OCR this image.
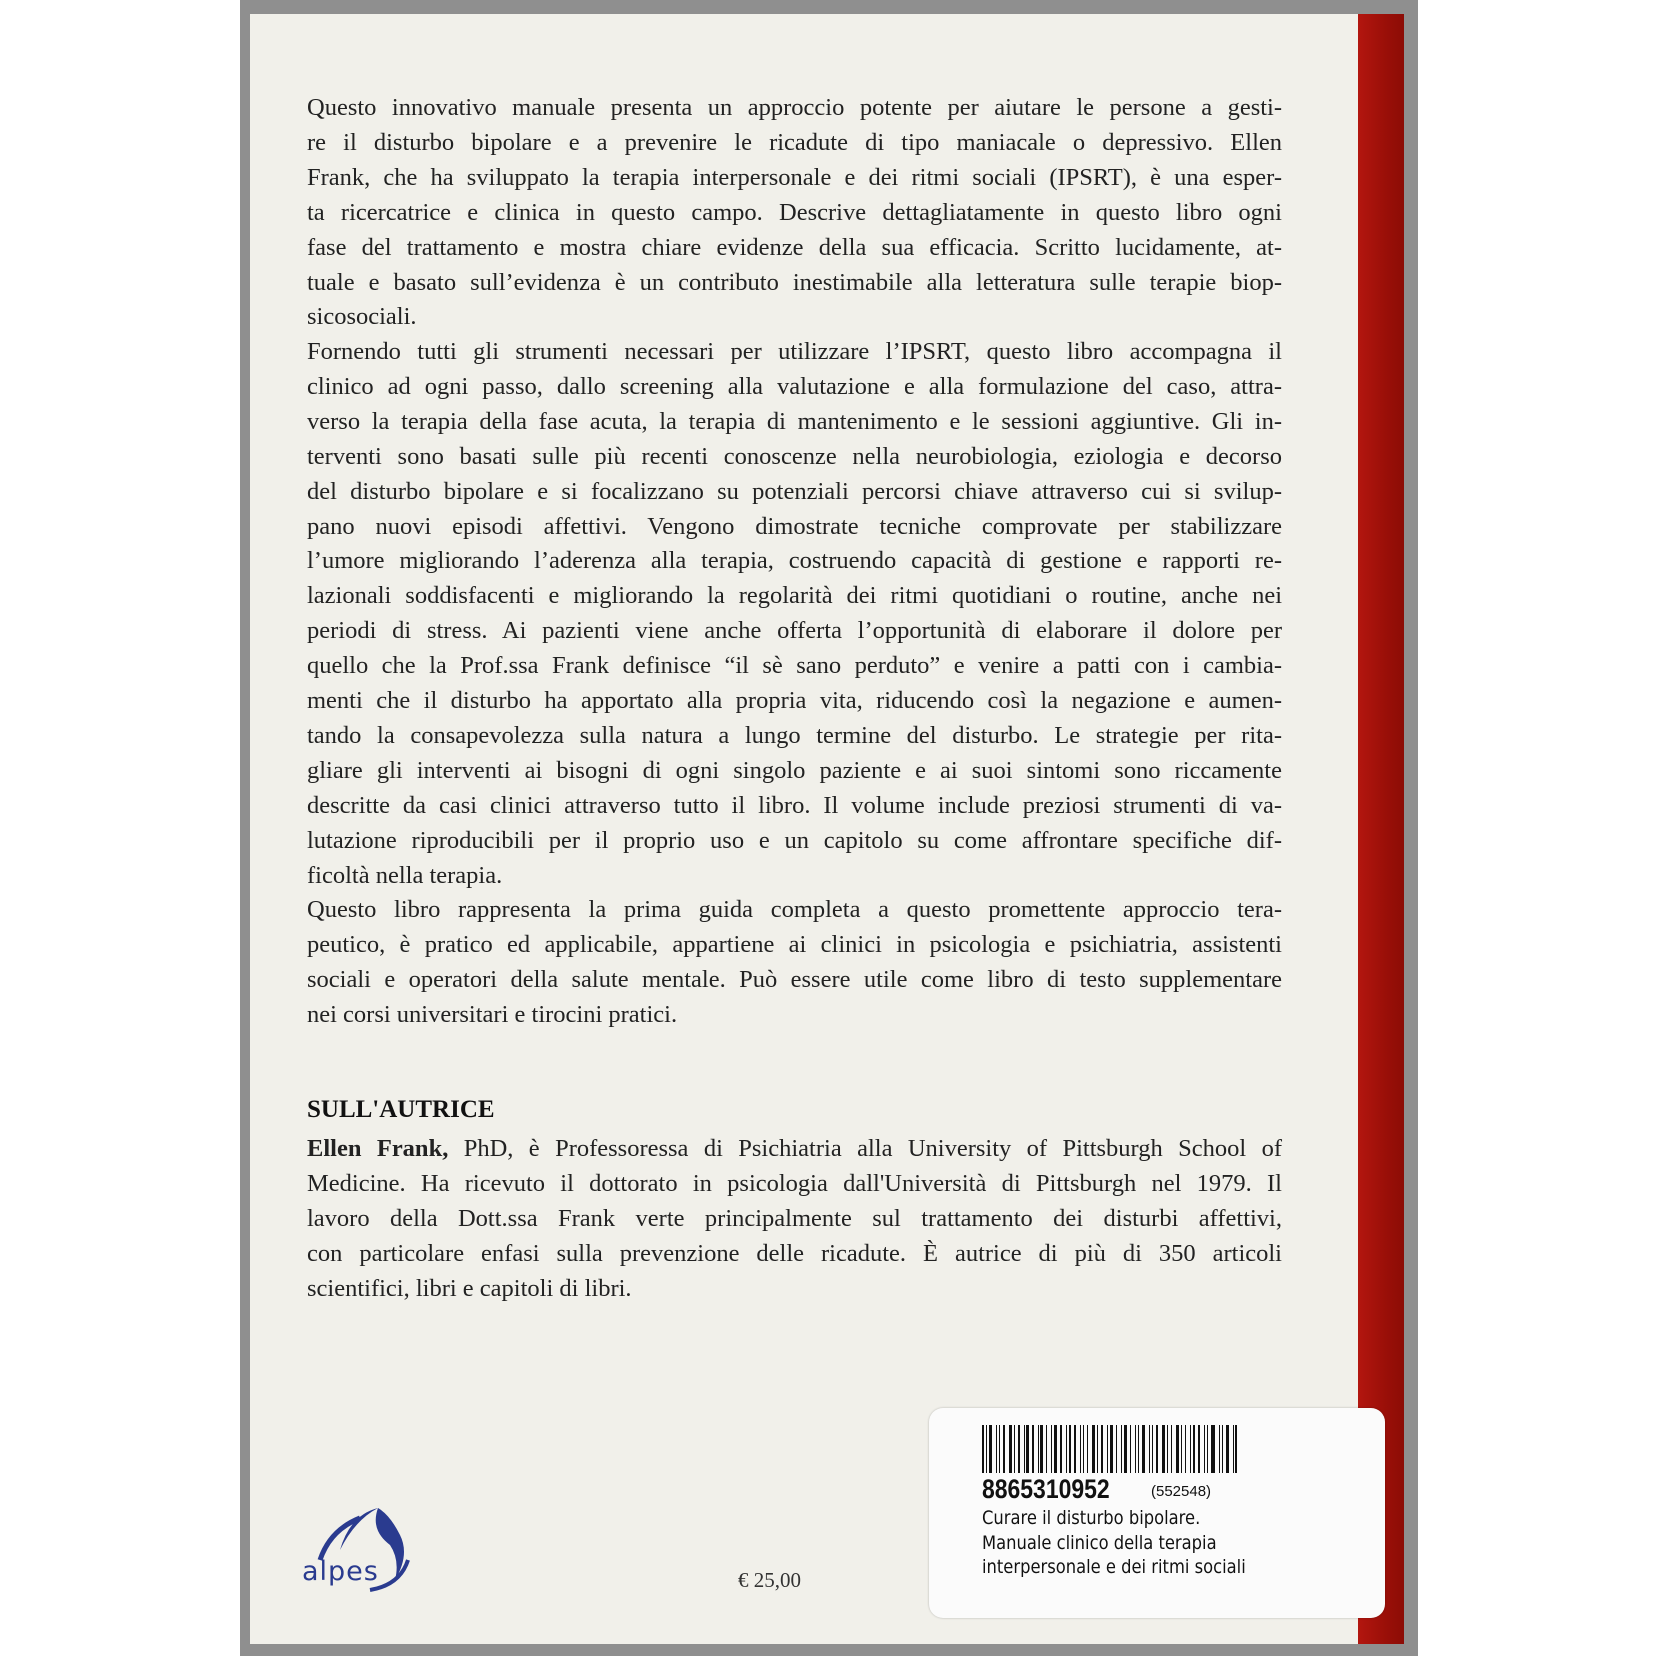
Questo innovativo manuale presenta un approccio potente per aiutare le persone a gesti-
re il disturbo bipolare e a prevenire le ricadute di tipo maniacale o depressivo. Ellen
Frank, che ha sviluppato la terapia interpersonale e dei ritmi sociali (IPSRT), è una esper-
ta ricercatrice e clinica in questo campo. Descrive dettagliatamente in questo libro ogni
fase del trattamento e mostra chiare evidenze della sua efficacia. Scritto lucidamente, at-
tuale e basato sull’evidenza è un contributo inestimabile alla letteratura sulle terapie biop-
sicosociali.
Fornendo tutti gli strumenti necessari per utilizzare l’IPSRT, questo libro accompagna il
clinico ad ogni passo, dallo screening alla valutazione e alla formulazione del caso, attra-
verso la terapia della fase acuta, la terapia di mantenimento e le sessioni aggiuntive. Gli in-
terventi sono basati sulle più recenti conoscenze nella neurobiologia, eziologia e decorso
del disturbo bipolare e si focalizzano su potenziali percorsi chiave attraverso cui si svilup-
pano nuovi episodi affettivi. Vengono dimostrate tecniche comprovate per stabilizzare
l’umore migliorando l’aderenza alla terapia, costruendo capacità di gestione e rapporti re-
lazionali soddisfacenti e migliorando la regolarità dei ritmi quotidiani o routine, anche nei
periodi di stress. Ai pazienti viene anche offerta l’opportunità di elaborare il dolore per
quello che la Prof.ssa Frank definisce “il sè sano perduto” e venire a patti con i cambia-
menti che il disturbo ha apportato alla propria vita, riducendo così la negazione e aumen-
tando la consapevolezza sulla natura a lungo termine del disturbo. Le strategie per rita-
gliare gli interventi ai bisogni di ogni singolo paziente e ai suoi sintomi sono riccamente
descritte da casi clinici attraverso tutto il libro. Il volume include preziosi strumenti di va-
lutazione riproducibili per il proprio uso e un capitolo su come affrontare specifiche dif-
ficoltà nella terapia.
Questo libro rappresenta la prima guida completa a questo promettente approccio tera-
peutico, è pratico ed applicabile, appartiene ai clinici in psicologia e psichiatria, assistenti
sociali e operatori della salute mentale. Può essere utile come libro di testo supplementare
nei corsi universitari e tirocini pratici.
SULL'AUTRICE
Ellen Frank, PhD, è Professoressa di Psichiatria alla University of Pittsburgh School of
Medicine. Ha ricevuto il dottorato in psicologia dall'Università di Pittsburgh nel 1979. Il
lavoro della Dott.ssa Frank verte principalmente sul trattamento dei disturbi affettivi,
con particolare enfasi sulla prevenzione delle ricadute. È autrice di più di 350 articoli
scientifici, libri e capitoli di libri.
alpes	€ 25,00
8865310952	(552548)
Curare il disturbo bipolare.
Manuale clinico della terapia
interpersonale e dei ritmi sociali
